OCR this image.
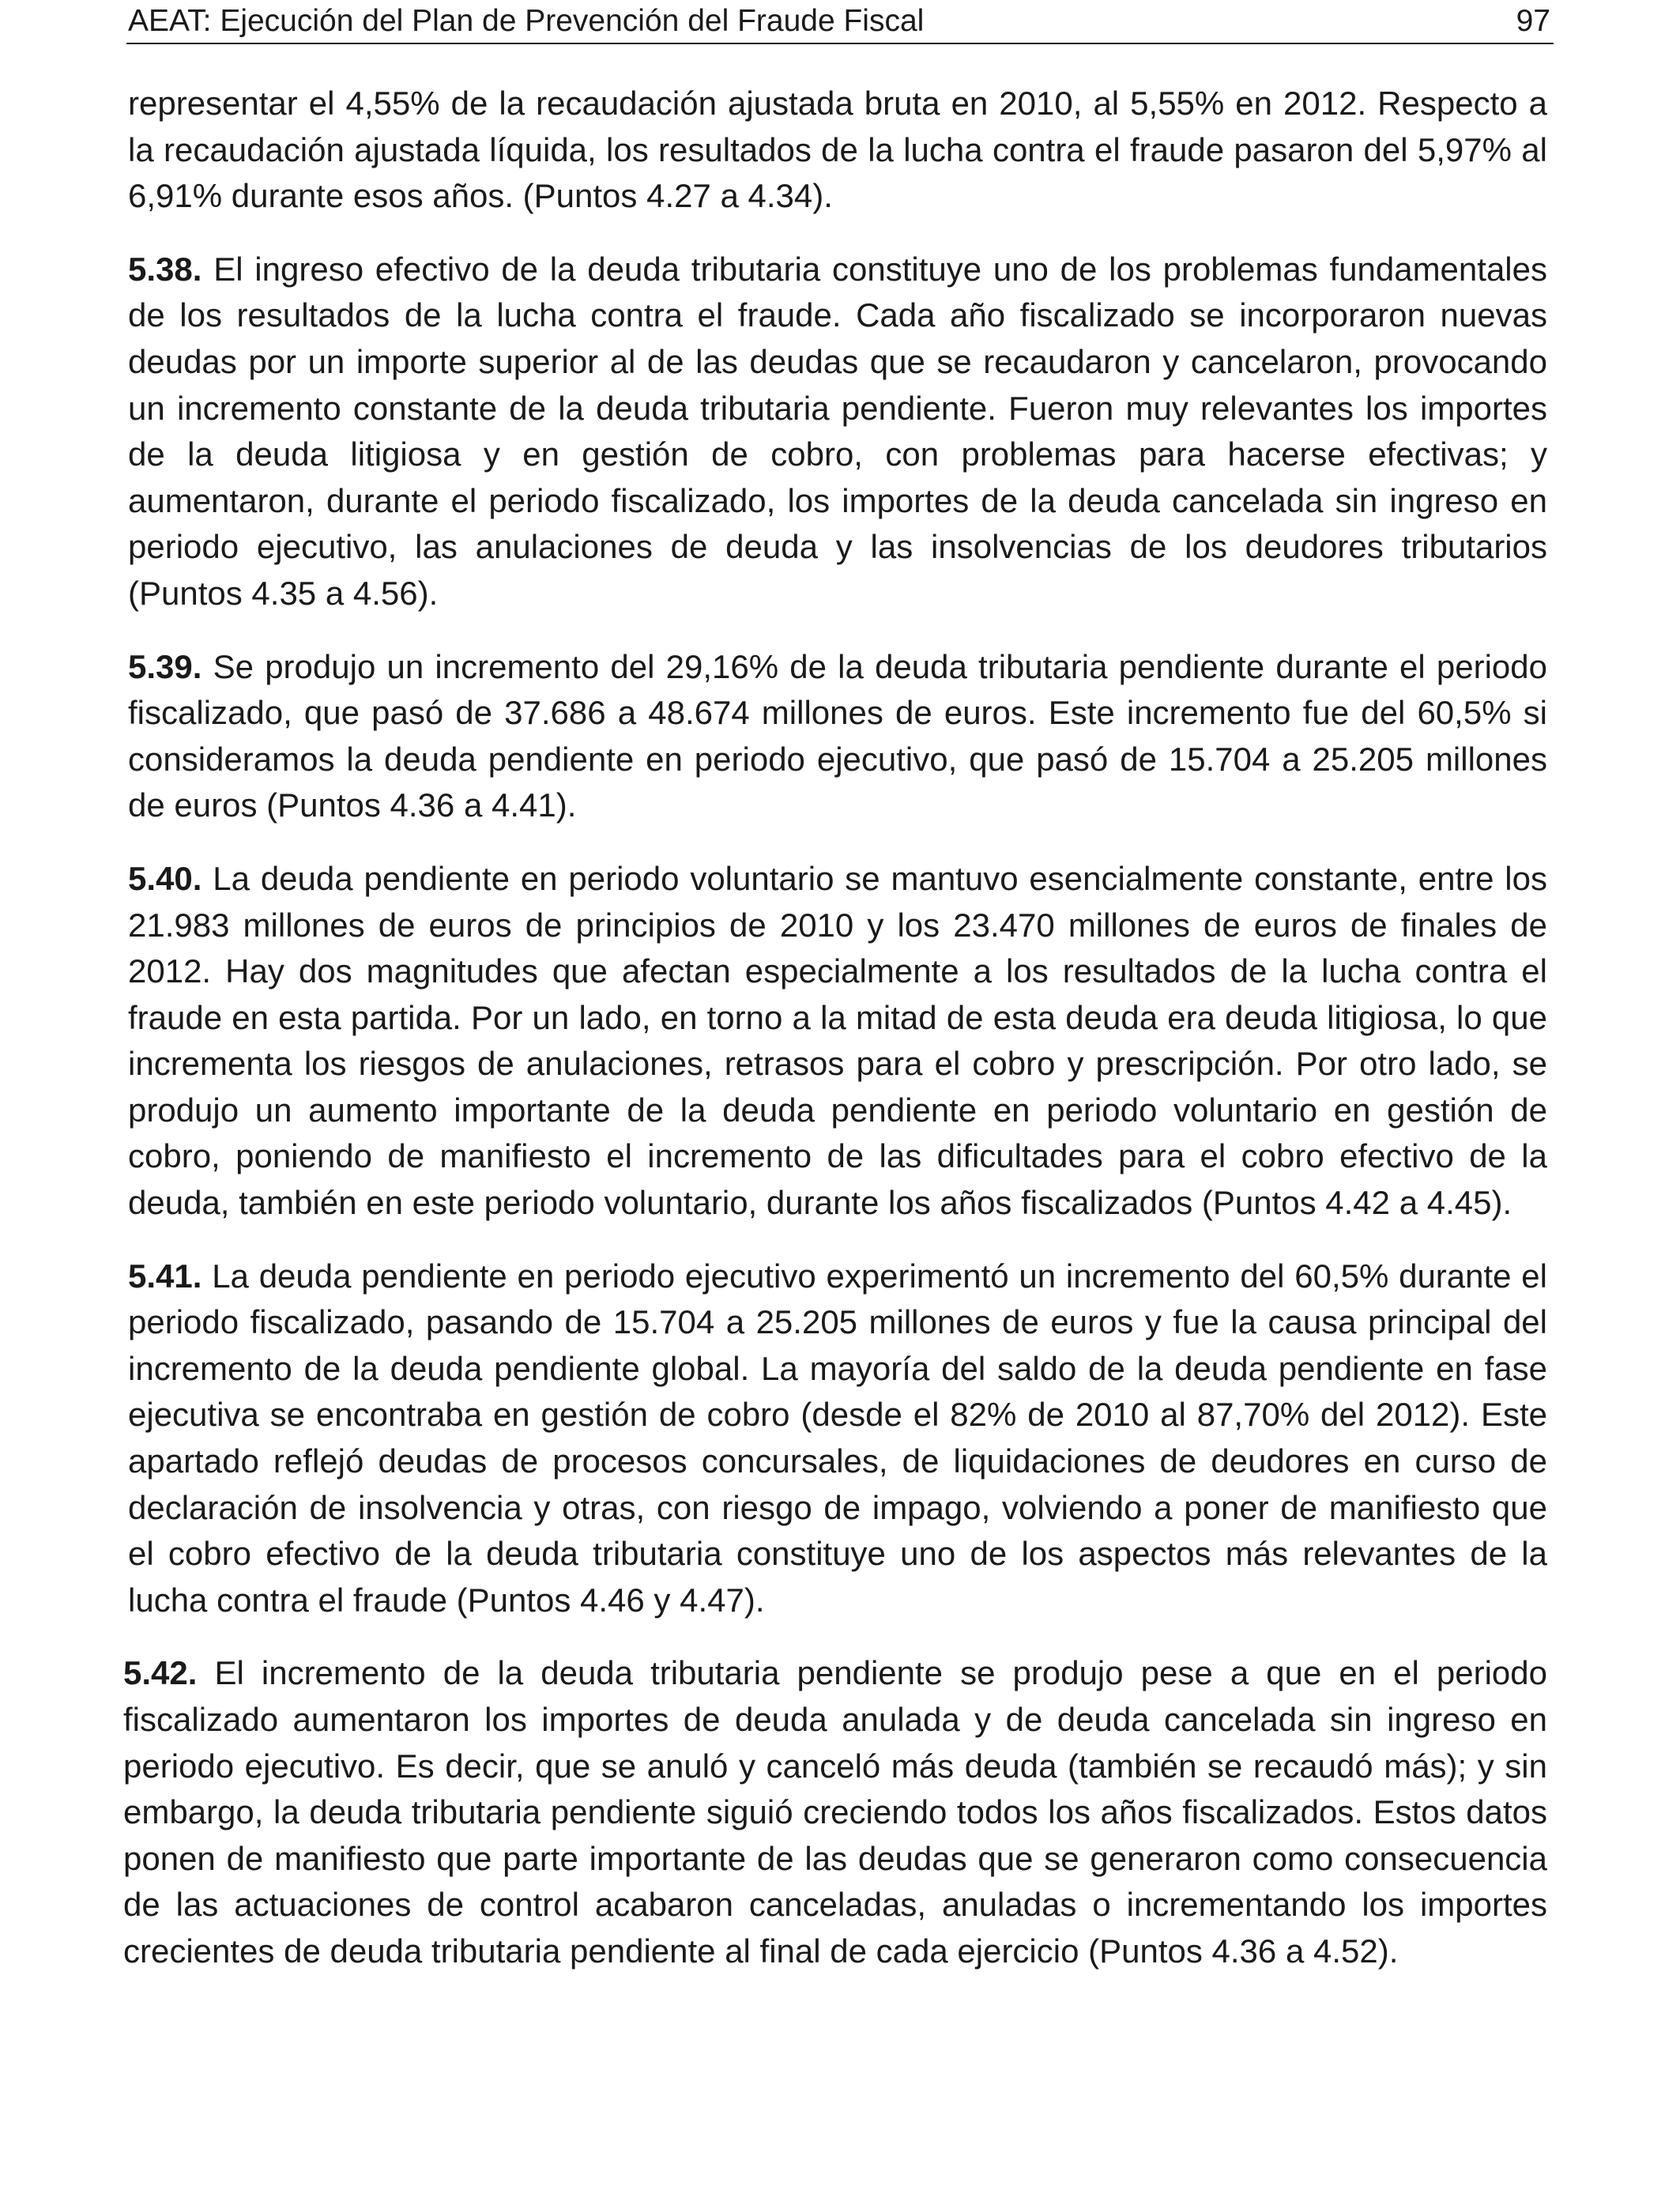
AEAT: Ejecución del Plan de Prevención del Fraude Fiscal	97

representar el 4,55% de la recaudación ajustada bruta en 2010, al 5,55% en 2012. Respecto a la recaudación ajustada líquida, los resultados de la lucha contra el fraude pasaron del 5,97% al 6,91% durante esos años. (Puntos 4.27 a 4.34).

5.38. El ingreso efectivo de la deuda tributaria constituye uno de los problemas fundamentales de los resultados de la lucha contra el fraude. Cada año fiscalizado se incorporaron nuevas deudas por un importe superior al de las deudas que se recaudaron y cancelaron, provocando un incremento constante de la deuda tributaria pendiente. Fueron muy relevantes los importes de la deuda litigiosa y en gestión de cobro, con problemas para hacerse efectivas; y aumentaron, durante el periodo fiscalizado, los importes de la deuda cancelada sin ingreso en periodo ejecutivo, las anulaciones de deuda y las insolvencias de los deudores tributarios (Puntos 4.35 a 4.56).

5.39. Se produjo un incremento del 29,16% de la deuda tributaria pendiente durante el periodo fiscalizado, que pasó de 37.686 a 48.674 millones de euros. Este incremento fue del 60,5% si consideramos la deuda pendiente en periodo ejecutivo, que pasó de 15.704 a 25.205 millones de euros (Puntos 4.36 a 4.41).

5.40. La deuda pendiente en periodo voluntario se mantuvo esencialmente constante, entre los 21.983 millones de euros de principios de 2010 y los 23.470 millones de euros de finales de 2012. Hay dos magnitudes que afectan especialmente a los resultados de la lucha contra el fraude en esta partida. Por un lado, en torno a la mitad de esta deuda era deuda litigiosa, lo que incrementa los riesgos de anulaciones, retrasos para el cobro y prescripción. Por otro lado, se produjo un aumento importante de la deuda pendiente en periodo voluntario en gestión de cobro, poniendo de manifiesto el incremento de las dificultades para el cobro efectivo de la deuda, también en este periodo voluntario, durante los años fiscalizados (Puntos 4.42 a 4.45).

5.41. La deuda pendiente en periodo ejecutivo experimentó un incremento del 60,5% durante el periodo fiscalizado, pasando de 15.704 a 25.205 millones de euros y fue la causa principal del incremento de la deuda pendiente global. La mayoría del saldo de la deuda pendiente en fase ejecutiva se encontraba en gestión de cobro (desde el 82% de 2010 al 87,70% del 2012). Este apartado reflejó deudas de procesos concursales, de liquidaciones de deudores en curso de declaración de insolvencia y otras, con riesgo de impago, volviendo a poner de manifiesto que el cobro efectivo de la deuda tributaria constituye uno de los aspectos más relevantes de la lucha contra el fraude (Puntos 4.46 y 4.47).

5.42. El incremento de la deuda tributaria pendiente se produjo pese a que en el periodo fiscalizado aumentaron los importes de deuda anulada y de deuda cancelada sin ingreso en periodo ejecutivo. Es decir, que se anuló y canceló más deuda (también se recaudó más); y sin embargo, la deuda tributaria pendiente siguió creciendo todos los años fiscalizados. Estos datos ponen de manifiesto que parte importante de las deudas que se generaron como consecuencia de las actuaciones de control acabaron canceladas, anuladas o incrementando los importes crecientes de deuda tributaria pendiente al final de cada ejercicio (Puntos 4.36 a 4.52).
